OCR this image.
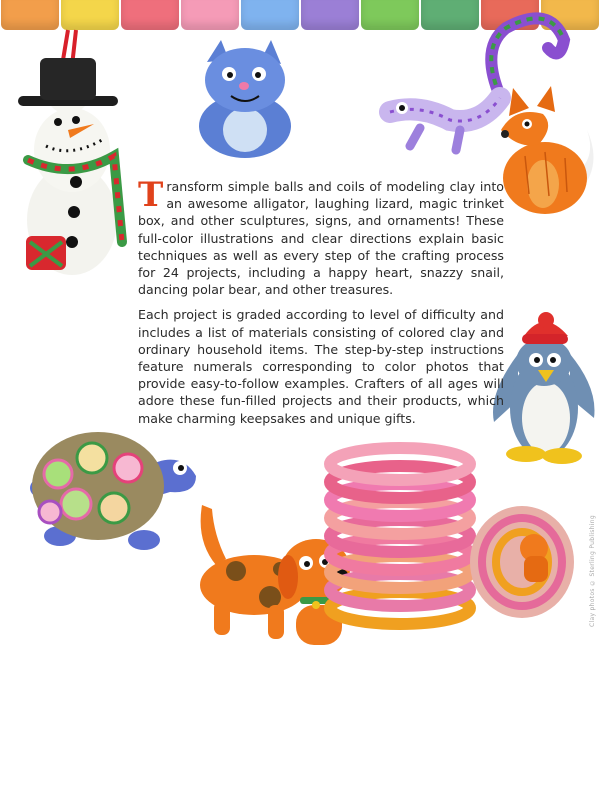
Transform simple balls and coils of modeling clay into an awesome alligator, laughing lizard, magic trinket box, and other sculptures, signs, and ornaments! These full-color illustrations and clear directions explain basic techniques as well as every step of the crafting process for 24 projects, including a happy heart, snazzy snail, dancing polar bear, and other treasures.

Each project is graded according to level of difficulty and includes a list of materials consisting of colored clay and ordinary household items. The step-by-step instructions feature numerals corresponding to color photos that provide easy-to-follow examples. Crafters of all ages will adore these fun-filled projects and their products, which make charming keepsakes and unique gifts.

Clay photos © Sterling Publishing
